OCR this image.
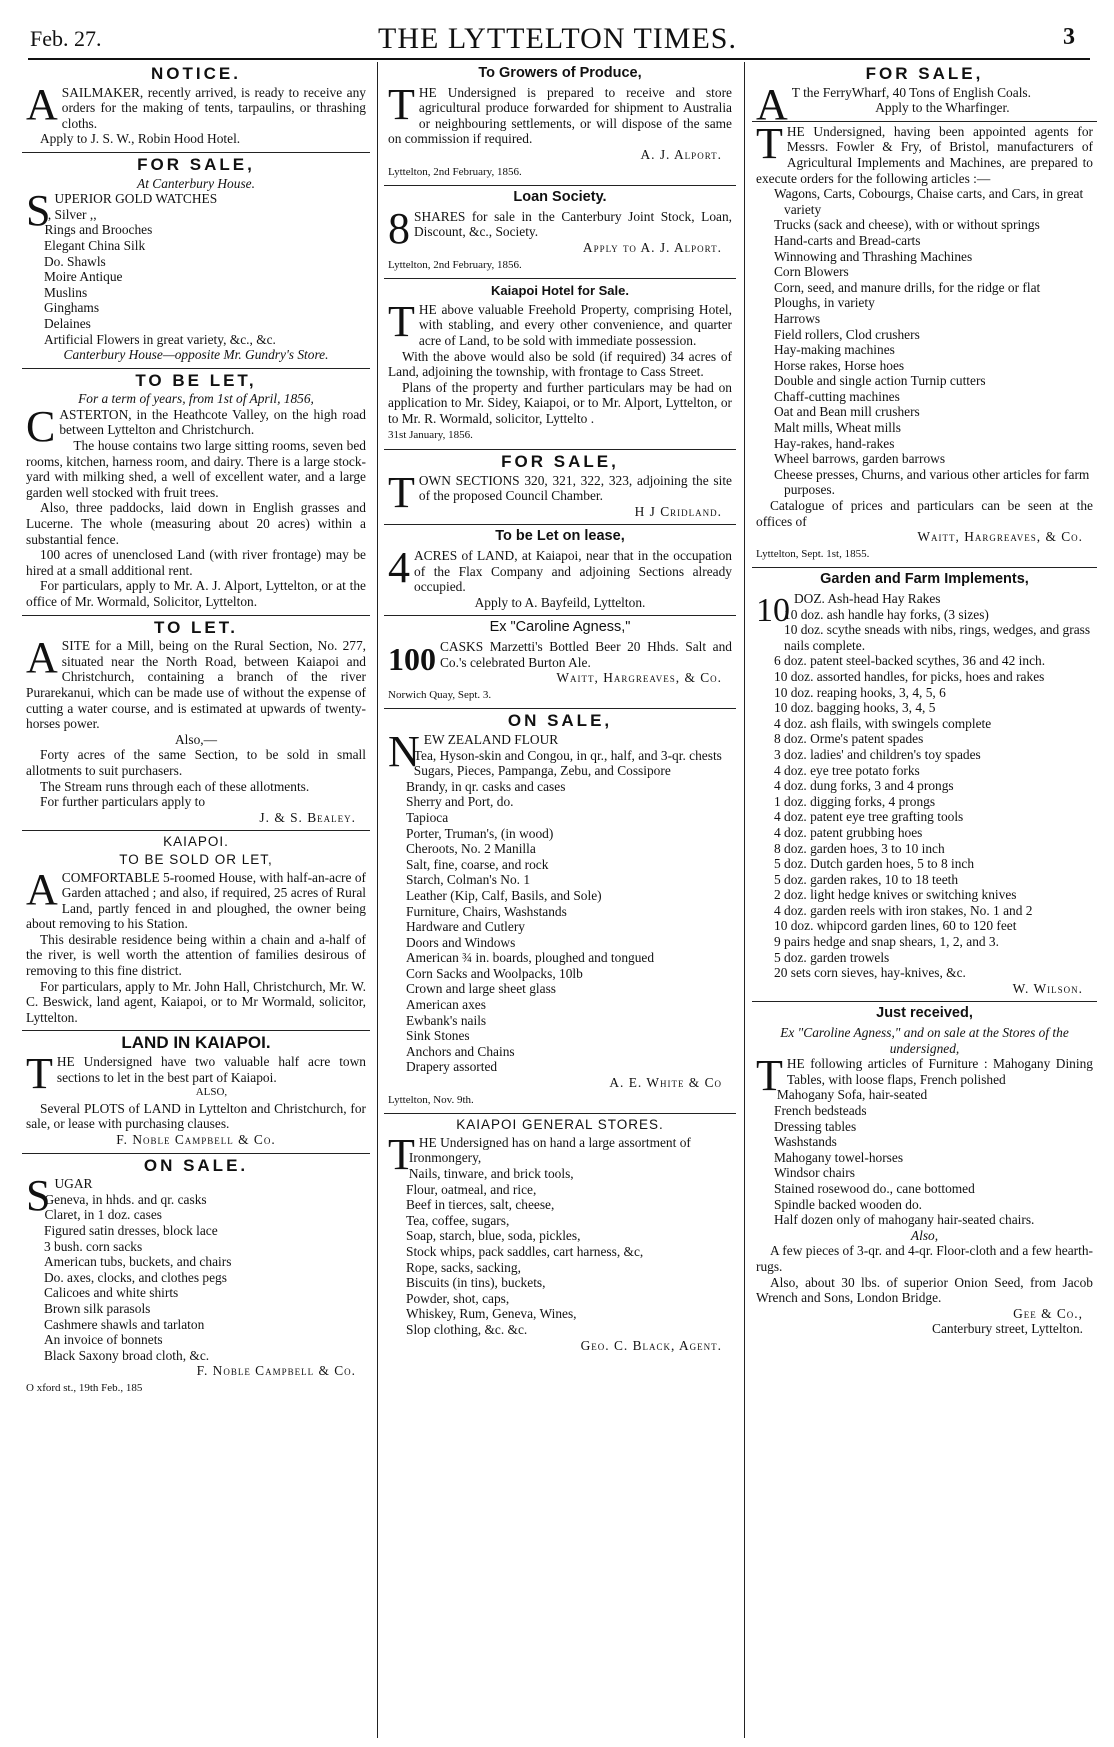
Feb. 27.	THE LYTTELTON TIMES.	3
NOTICE.
A SAILMAKER, recently arrived, is ready to receive any orders for the making of tents, tarpaulins, or thrashing cloths.

Apply to J. S. W., Robin Hood Hotel.

FOR SALE,
At Canterbury House.
S UPERIOR GOLD WATCHES

,, Silver ,,
Rings and Brooches
Elegant China Silk
Do. Shawls
Moire Antique
Muslins
Ginghams
Delaines
Artificial Flowers in great variety, &c., &c.

Canterbury House—opposite Mr. Gundry's Store.

TO BE LET,
For a term of years, from 1st of April, 1856,
C ASTERTON, in the Heathcote Valley, on the high road between Lyttelton and Christchurch.

The house contains two large sitting rooms, seven bed rooms, kitchen, harness room, and dairy. There is a large stock-yard with milking shed, a well of excellent water, and a large garden well stocked with fruit trees.

Also, three paddocks, laid down in English grasses and Lucerne. The whole (measuring about 20 acres) within a substantial fence.

100 acres of unenclosed Land (with river frontage) may be hired at a small additional rent.

For particulars, apply to Mr. A. J. Alport, Lyttelton, or at the office of Mr. Wormald, Solicitor, Lyttelton.

TO LET.
A SITE for a Mill, being on the Rural Section, No. 277, situated near the North Road, between Kaiapoi and Christchurch, containing a branch of the river Purarekanui, which can be made use of without the expense of cutting a water course, and is estimated at upwards of twenty-horses power.

Also,—

Forty acres of the same Section, to be sold in small allotments to suit purchasers.

The Stream runs through each of these allotments.

For further particulars apply to

J. & S. Bealey.

KAIAPOI.
TO BE SOLD OR LET,
A COMFORTABLE 5-roomed House, with half-an-acre of Garden attached ; and also, if required, 25 acres of Rural Land, partly fenced in and ploughed, the owner being about removing to his Station.

This desirable residence being within a chain and a-half of the river, is well worth the attention of families desirous of removing to this fine district.

For particulars, apply to Mr. John Hall, Christchurch, Mr. W. C. Beswick, land agent, Kaiapoi, or to Mr Wormald, solicitor, Lyttelton.

LAND IN KAIAPOI.
T HE Undersigned have two valuable half acre town sections to let in the best part of Kaiapoi.

ALSO,

Several PLOTS of LAND in Lyttelton and Christchurch, for sale, or lease with purchasing clauses.

F. Noble Campbell & Co.

ON SALE.
S UGAR

Geneva, in hhds. and qr. casks
Claret, in 1 doz. cases
Figured satin dresses, block lace
3 bush. corn sacks
American tubs, buckets, and chairs
Do. axes, clocks, and clothes pegs
Calicoes and white shirts
Brown silk parasols
Cashmere shawls and tarlaton
An invoice of bonnets
Black Saxony broad cloth, &c.

F. Noble Campbell & Co.

O xford st., 19th Feb., 185
To Growers of Produce,
T HE Undersigned is prepared to receive and store agricultural produce forwarded for shipment to Australia or neighbouring settlements, or will dispose of the same on commission if required.

A. J. Alport.

Lyttelton, 2nd February, 1856.
Loan Society.
8 SHARES for sale in the Canterbury Joint Stock, Loan, Discount, &c., Society.

Apply to A. J. Alport.

Lyttelton, 2nd February, 1856.
Kaiapoi Hotel for Sale.
T HE above valuable Freehold Property, comprising Hotel, with stabling, and every other convenience, and quarter acre of Land, to be sold with immediate possession.

With the above would also be sold (if required) 34 acres of Land, adjoining the township, with frontage to Cass Street.

Plans of the property and further particulars may be had on application to Mr. Sidey, Kaiapoi, or to Mr. Alport, Lyttelton, or to Mr. R. Wormald, solicitor, Lyttelto .

31st January, 1856.
FOR SALE,
T OWN SECTIONS 320, 321, 322, 323, adjoining the site of the proposed Council Chamber.

H J Cridland.

To be Let on lease,
4 ACRES of LAND, at Kaiapoi, near that in the occupation of the Flax Company and adjoining Sections already occupied.

Apply to A. Bayfeild, Lyttelton.

Ex "Caroline Agness,"
100 CASKS Marzetti's Bottled Beer 20 Hhds. Salt and Co.'s celebrated Burton Ale.

Waitt, Hargreaves, & Co.

Norwich Quay, Sept. 3.
ON SALE,
N EW ZEALAND FLOUR

Tea, Hyson-skin and Congou, in qr., half, and 3-qr. chests
Sugars, Pieces, Pampanga, Zebu, and Cossipore
Brandy, in qr. casks and cases
Sherry and Port, do.
Tapioca
Porter, Truman's, (in wood)
Cheroots, No. 2 Manilla
Salt, fine, coarse, and rock
Starch, Colman's No. 1
Leather (Kip, Calf, Basils, and Sole)
Furniture, Chairs, Washstands
Hardware and Cutlery
Doors and Windows
American ¾ in. boards, ploughed and tongued
Corn Sacks and Woolpacks, 10lb
Crown and large sheet glass
American axes
Ewbank's nails
Sink Stones
Anchors and Chains
Drapery assorted

A. E. White & Co

Lyttelton, Nov. 9th.
KAIAPOI GENERAL STORES.
T HE Undersigned has on hand a large assortment of

Ironmongery,
Nails, tinware, and brick tools,
Flour, oatmeal, and rice,
Beef in tierces, salt, cheese,
Tea, coffee, sugars,
Soap, starch, blue, soda, pickles,
Stock whips, pack saddles, cart harness, &c,
Rope, sacks, sacking,
Biscuits (in tins), buckets,
Powder, shot, caps,
Whiskey, Rum, Geneva, Wines,
Slop clothing, &c. &c.

Geo. C. Black, Agent.

FOR SALE,
A T the FerryWharf, 40 Tons of English Coals.

Apply to the Wharfinger.

T HE Undersigned, having been appointed agents for Messrs. Fowler & Fry, of Bristol, manufacturers of Agricultural Implements and Machines, are prepared to execute orders for the following articles :—

Wagons, Carts, Cobourgs, Chaise carts, and Cars, in great variety
Trucks (sack and cheese), with or without springs
Hand-carts and Bread-carts
Winnowing and Thrashing Machines
Corn Blowers
Corn, seed, and manure drills, for the ridge or flat
Ploughs, in variety
Harrows
Field rollers, Clod crushers
Hay-making machines
Horse rakes, Horse hoes
Double and single action Turnip cutters
Chaff-cutting machines
Oat and Bean mill crushers
Malt mills, Wheat mills
Hay-rakes, hand-rakes
Wheel barrows, garden barrows
Cheese presses, Churns, and various other articles for farm purposes.

Catalogue of prices and particulars can be seen at the offices of

Waitt, Hargreaves, & Co.

Lyttelton, Sept. 1st, 1855.
Garden and Farm Implements,
10 DOZ. Ash-head Hay Rakes

10 doz. ash handle hay forks, (3 sizes)
10 doz. scythe sneads with nibs, rings, wedges, and grass nails complete.
6 doz. patent steel-backed scythes, 36 and 42 inch.
10 doz. assorted handles, for picks, hoes and rakes
10 doz. reaping hooks, 3, 4, 5, 6
10 doz. bagging hooks, 3, 4, 5
4 doz. ash flails, with swingels complete
8 doz. Orme's patent spades
3 doz. ladies' and children's toy spades
4 doz. eye tree potato forks
4 doz. dung forks, 3 and 4 prongs
1 doz. digging forks, 4 prongs
4 doz. patent eye tree grafting tools
4 doz. patent grubbing hoes
8 doz. garden hoes, 3 to 10 inch
5 doz. Dutch garden hoes, 5 to 8 inch
5 doz. garden rakes, 10 to 18 teeth
2 doz. light hedge knives or switching knives
4 doz. garden reels with iron stakes, No. 1 and 2
10 doz. whipcord garden lines, 60 to 120 feet
9 pairs hedge and snap shears, 1, 2, and 3.
5 doz. garden trowels
20 sets corn sieves, hay-knives, &c.

W. Wilson.

Just received,
Ex "Caroline Agness," and on sale at the Stores of the undersigned,
T HE following articles of Furniture : Mahogany Dining Tables, with loose flaps, French polished

Mahogany Sofa, hair-seated
French bedsteads
Dressing tables
Washstands
Mahogany towel-horses
Windsor chairs
Stained rosewood do., cane bottomed
Spindle backed wooden do.
Half dozen only of mahogany hair-seated chairs.

Also,

A few pieces of 3-qr. and 4-qr. Floor-cloth and a few hearth-rugs.

Also, about 30 lbs. of superior Onion Seed, from Jacob Wrench and Sons, London Bridge.

Gee & Co.,

Canterbury street, Lyttelton.
